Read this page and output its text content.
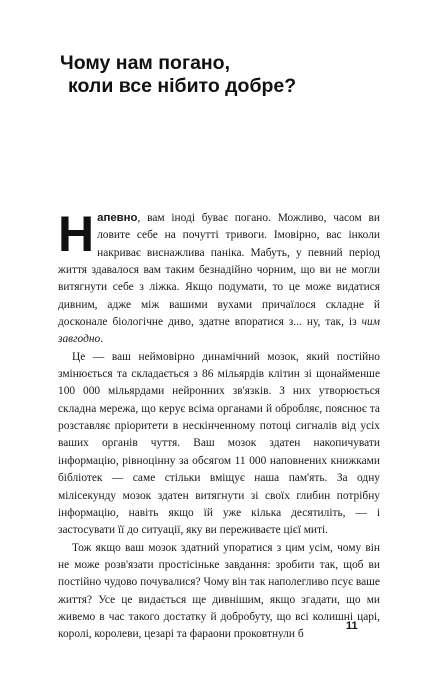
Чому нам погано,
коли все нібито добре?

Напевно, вам іноді буває погано. Можливо, часом ви ловите себе на почутті тривоги. Імовірно, вас інколи накриває виснажлива паніка. Мабуть, у певний період життя здавалося вам таким безнадійно чорним, що ви не могли витягнути себе з ліжка. Якщо подумати, то це може видатися дивним, адже між вашими вухами причаїлося складне й досконале біологічне диво, здатне впоратися з... ну, так, із чим завгодно.

Це — ваш неймовірно динамічний мозок, який постійно змінюється та складається з 86 мільярдів клітин зі щонайменше 100 000 мільярдами нейронних зв'язків. З них утворюється складна мережа, що керує всіма органами й обробляє, пояснює та розставляє пріоритети в нескінченному потоці сигналів від усіх ваших органів чуття. Ваш мозок здатен накопичувати інформацію, рівноцінну за обсягом 11 000 наповнених книжками бібліотек — саме стільки вміщує наша пам'ять. За одну мілісекунду мозок здатен витягнути зі своїх глибин потрібну інформацію, навіть якщо їй уже кілька десятиліть, — і застосувати її до ситуації, яку ви переживаєте цієї миті.

Тож якщо ваш мозок здатний упоратися з цим усім, чому він не може розв'язати простісіньке завдання: зробити так, щоб ви постійно чудово почувалися? Чому він так наполегливо псує ваше життя? Усе це видається ще дивнішим, якщо згадати, що ми живемо в час такого достатку й добробуту, що всі колишні царі, королі, королеви, цезарі та фараони проковтнули б

11
